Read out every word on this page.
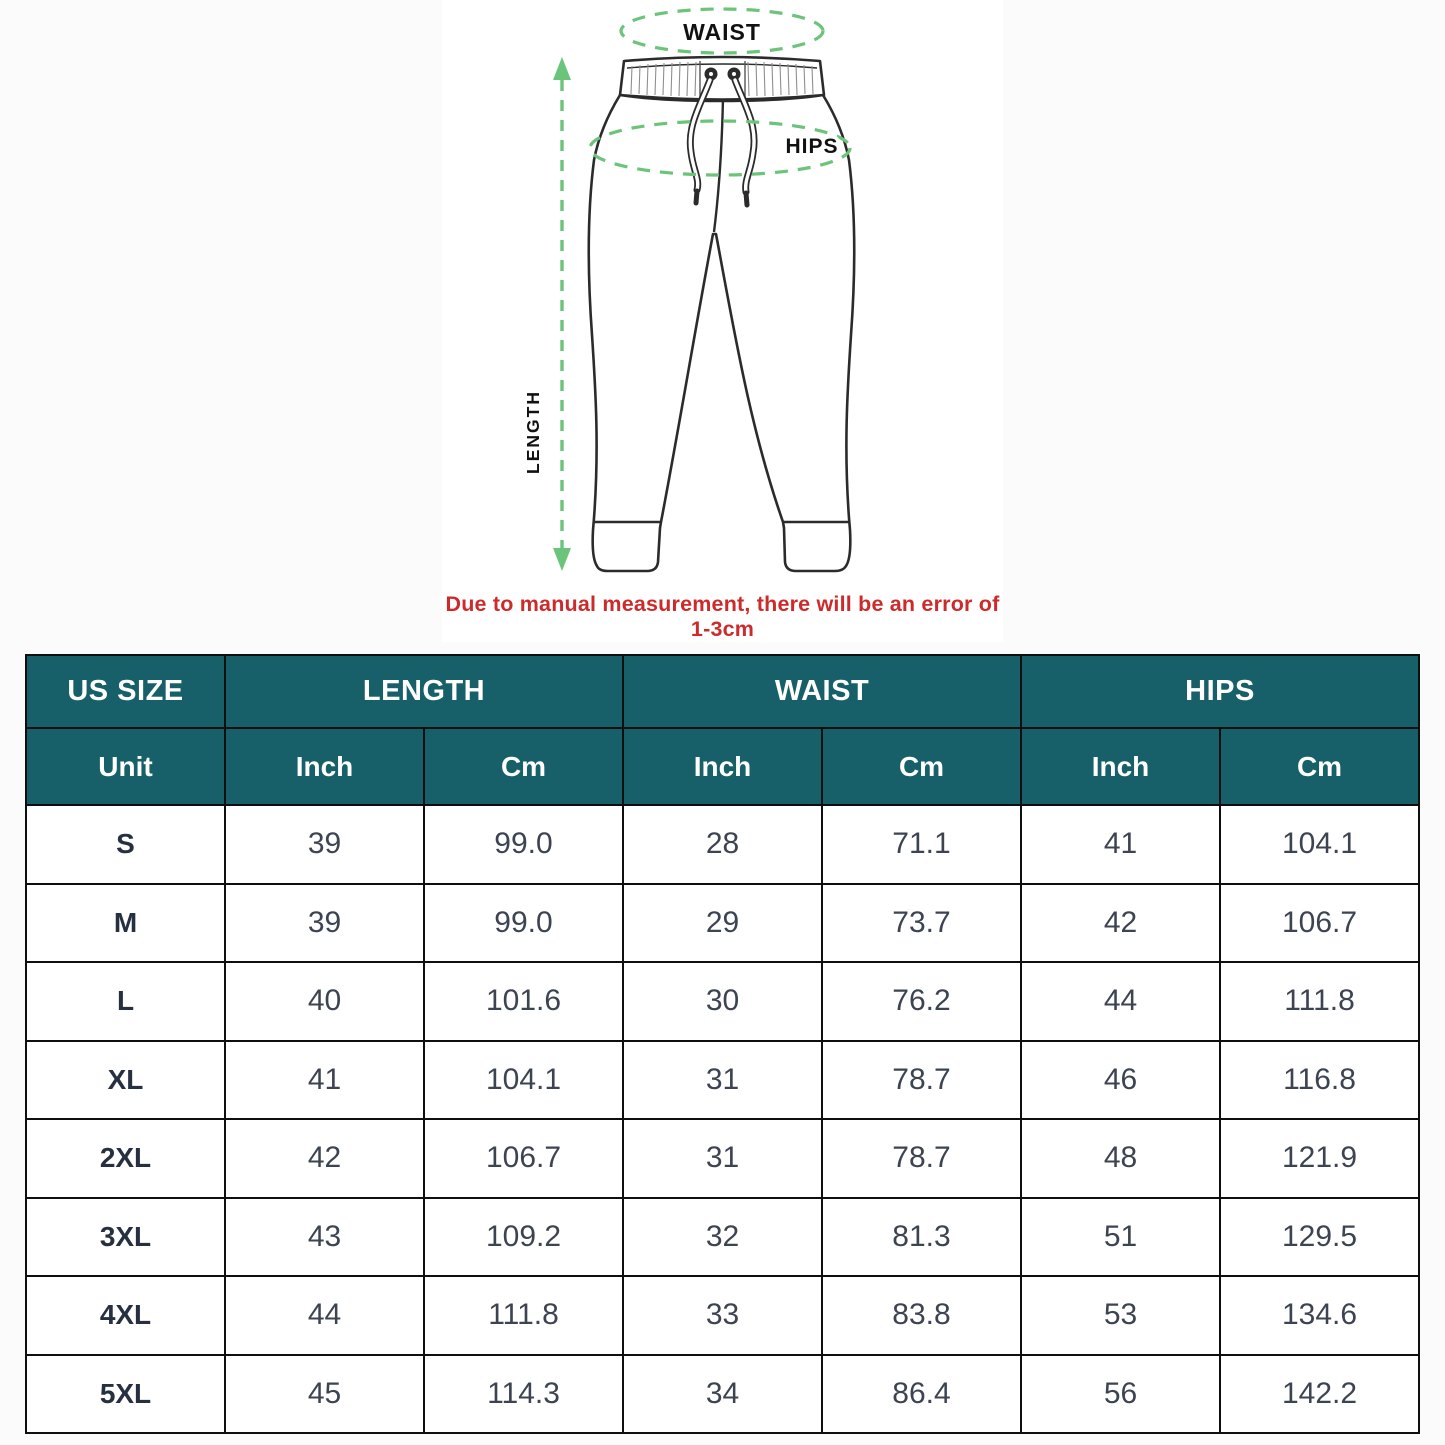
WAIST
HIPS
LENGTH
Due to manual measurement, there will be an error of 1-3cm
US SIZE	LENGTH		WAIST		HIPS	
Unit	Inch	Cm	Inch	Cm	Inch	Cm
S	39	99.0	28	71.1	41	104.1
M	39	99.0	29	73.7	42	106.7
L	40	101.6	30	76.2	44	111.8
XL	41	104.1	31	78.7	46	116.8
2XL	42	106.7	31	78.7	48	121.9
3XL	43	109.2	32	81.3	51	129.5
4XL	44	111.8	33	83.8	53	134.6
5XL	45	114.3	34	86.4	56	142.2
